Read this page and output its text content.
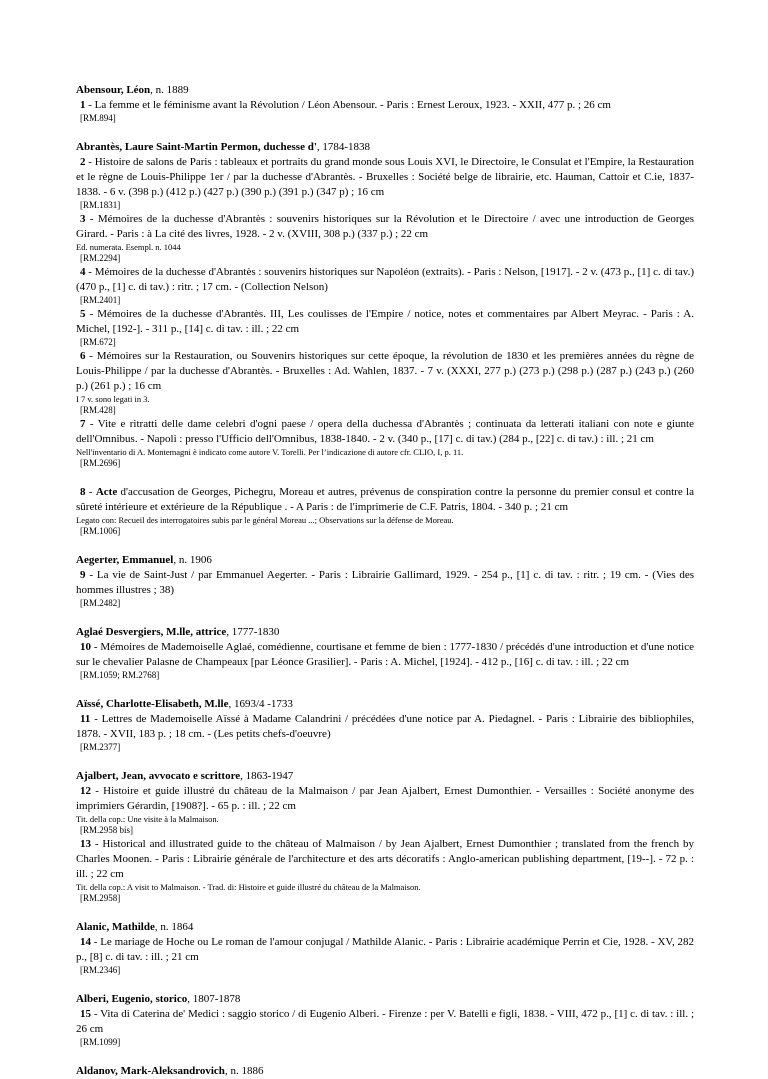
Abensour, Léon, n. 1889
1 - La femme et le féminisme avant la Révolution / Léon Abensour. - Paris : Ernest Leroux, 1923. - XXII, 477 p. ; 26 cm
[RM.894]
Abrantès, Laure Saint-Martin Permon, duchesse d', 1784-1838
2 - Histoire de salons de Paris : tableaux et portraits du grand monde sous Louis XVI, le Directoire, le Consulat et l'Empire, la Restauration et le règne de Louis-Philippe 1er / par la duchesse d'Abrantès. - Bruxelles : Société belge de librairie, etc. Hauman, Cattoir et C.ie, 1837-1838. - 6 v. (398 p.) (412 p.) (427 p.) (390 p.) (391 p.) (347 p) ; 16 cm
[RM.1831]
3 - Mémoires de la duchesse d'Abrantès : souvenirs historiques sur la Révolution et le Directoire / avec une introduction de Georges Girard. - Paris : à La cité des livres, 1928. - 2 v. (XVIII, 308 p.) (337 p.) ; 22 cm
Ed. numerata. Esempl. n. 1044
[RM.2294]
4 - Mémoires de la duchesse d'Abrantès : souvenirs historiques sur Napoléon (extraits). - Paris : Nelson, [1917]. - 2 v. (473 p., [1] c. di tav.) (470 p., [1] c. di tav.) : ritr. ; 17 cm. - (Collection Nelson)
[RM.2401]
5 - Mémoires de la duchesse d'Abrantès. III, Les coulisses de l'Empire / notice, notes et commentaires par Albert Meyrac. - Paris : A. Michel, [192-]. - 311 p., [14] c. di tav. : ill. ; 22 cm
[RM.672]
6 - Mémoires sur la Restauration, ou Souvenirs historiques sur cette époque, la révolution de 1830 et les premières années du règne de Louis-Philippe / par la duchesse d'Abrantès. - Bruxelles : Ad. Wahlen, 1837. - 7 v. (XXXI, 277 p.) (273 p.) (298 p.) (287 p.) (243 p.) (260 p.) (261 p.) ; 16 cm
I 7 v. sono legati in 3.
[RM.428]
7 - Vite e ritratti delle dame celebri d'ogni paese / opera della duchessa d'Abrantès ; continuata da letterati italiani con note e giunte dell'Omnibus. - Napoli : presso l'Ufficio dell'Omnibus, 1838-1840. - 2 v. (340 p., [17] c. di tav.) (284 p., [22] c. di tav.) : ill. ; 21 cm
Nell'inventario di A. Montemagni è indicato come autore V. Torelli. Per l’indicazione di autore cfr. CLIO, I, p. 11.
[RM.2696]
8 - Acte d'accusation de Georges, Pichegru, Moreau et autres, prévenus de conspiration contre la personne du premier consul et contre la sûreté intérieure et extérieure de la République . - A Paris : de l'imprimerie de C.F. Patris, 1804. - 340 p. ; 21 cm
Legato con: Recueil des interrogatoires subis par le général Moreau ...; Observations sur la défense de Moreau.
[RM.1006]
Aegerter, Emmanuel, n. 1906
9 - La vie de Saint-Just / par Emmanuel Aegerter. - Paris : Librairie Gallimard, 1929. - 254 p., [1] c. di tav. : ritr. ; 19 cm. - (Vies des hommes illustres ; 38)
[RM.2482]
Aglaé Desvergiers, M.lle, attrice, 1777-1830
10 - Mémoires de Mademoiselle Aglaé, comédienne, courtisane et femme de bien : 1777-1830 / précédés d'une introduction et d'une notice sur le chevalier Palasne de Champeaux [par Léonce Grasilier]. - Paris : A. Michel, [1924]. - 412 p., [16] c. di tav. : ill. ; 22 cm
[RM.1059; RM.2768]
Aïssé, Charlotte-Elisabeth, M.lle, 1693/4 -1733
11 - Lettres de Mademoiselle Aïssé à Madame Calandrini / précédées d'une notice par A. Piedagnel. - Paris : Librairie des bibliophiles, 1878. - XVII, 183 p. ; 18 cm. - (Les petits chefs-d'oeuvre)
[RM.2377]
Ajalbert, Jean, avvocato e scrittore, 1863-1947
12 - Histoire et guide illustré du château de la Malmaison / par Jean Ajalbert, Ernest Dumonthier. - Versailles : Société anonyme des imprimiers Gérardin, [1908?]. - 65 p. : ill. ; 22 cm
Tit. della cop.: Une visite à la Malmaison.
[RM.2958 bis]
13 - Historical and illustrated guide to the château of Malmaison / by Jean Ajalbert, Ernest Dumonthier ; translated from the french by Charles Moonen. - Paris : Librairie générale de l'architecture et des arts décoratifs : Anglo-american publishing department, [19--]. - 72 p. : ill. ; 22 cm
Tit. della cop.: A visit to Malmaison. - Trad. di: Histoire et guide illustré du château de la Malmaison.
[RM.2958]
Alanic, Mathilde, n. 1864
14 - Le mariage de Hoche ou Le roman de l'amour conjugal / Mathilde Alanic. - Paris : Librairie académique Perrin et Cie, 1928. - XV, 282 p., [8] c. di tav. : ill. ; 21 cm
[RM.2346]
Alberi, Eugenio, storico, 1807-1878
15 - Vita di Caterina de' Medici : saggio storico / di Eugenio Alberi. - Firenze : per V. Batelli e figli, 1838. - VIII, 472 p., [1] c. di tav. : ill. ; 26 cm
[RM.1099]
Aldanov, Mark-Aleksandrovich, n. 1886
